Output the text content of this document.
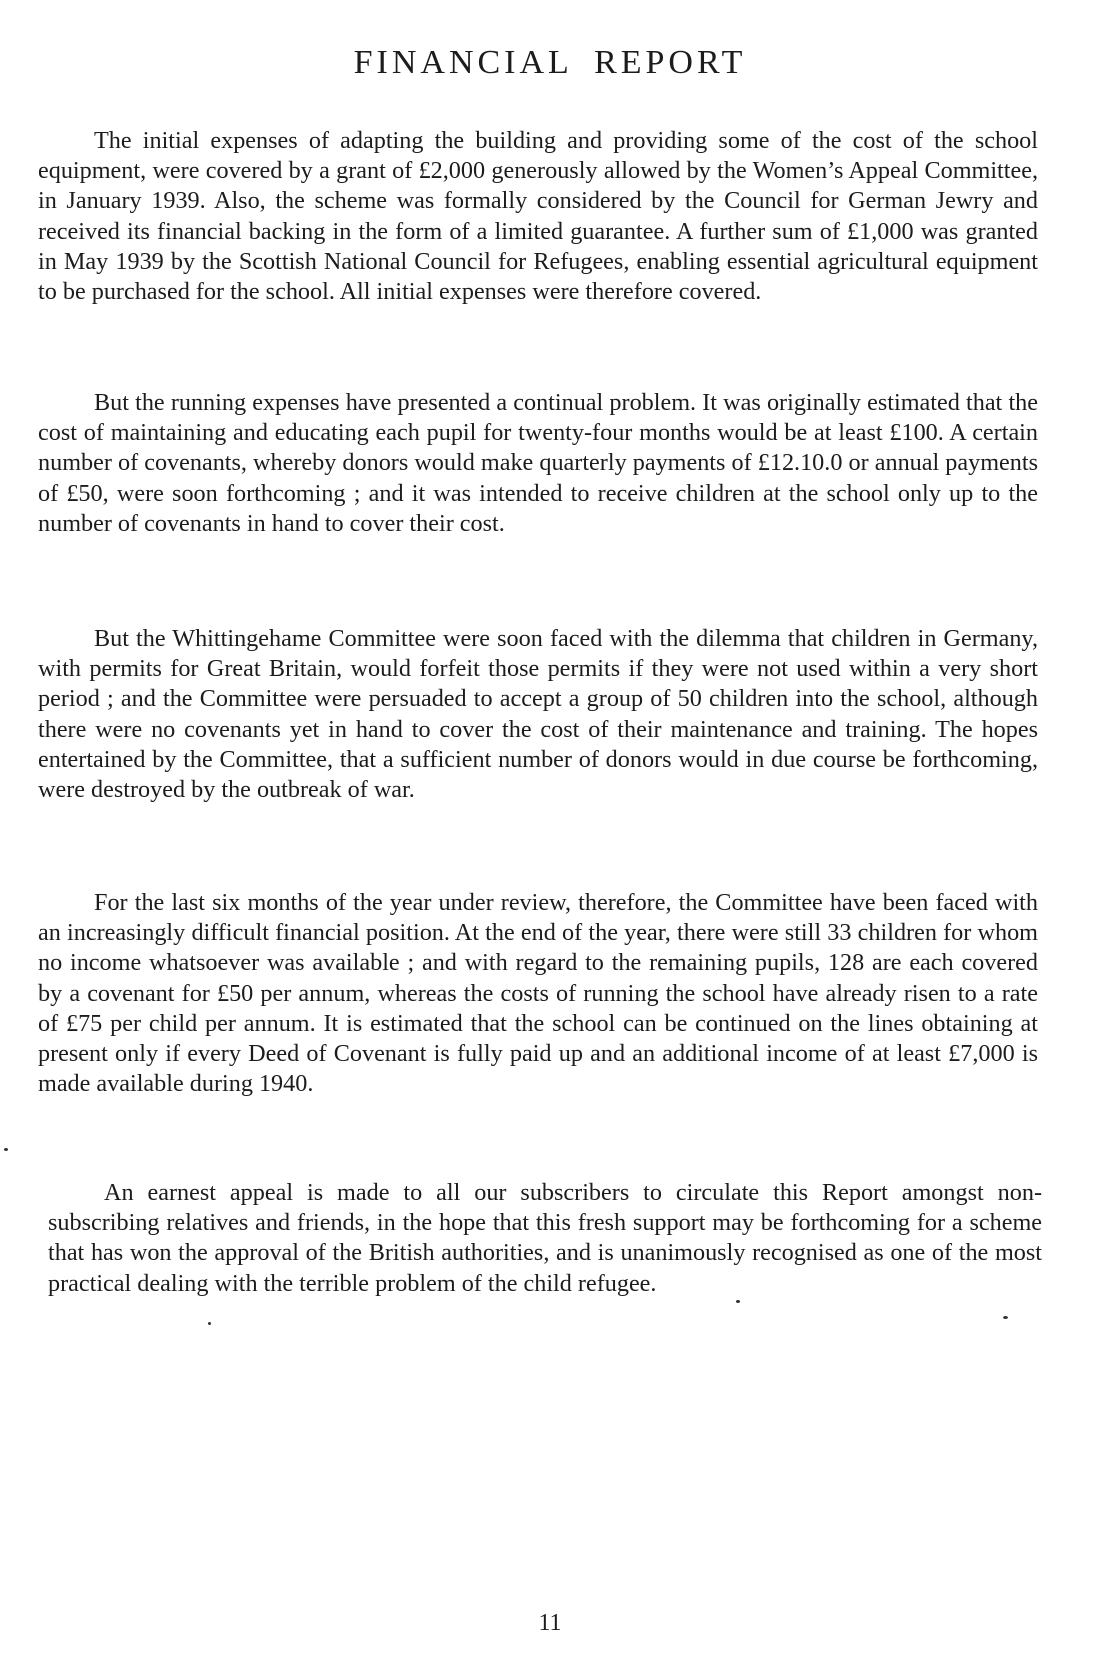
FINANCIAL REPORT

The initial expenses of adapting the building and providing some of the cost of the school equipment, were covered by a grant of £2,000 generously allowed by the Women’s Appeal Committee, in January 1939. Also, the scheme was formally considered by the Council for German Jewry and received its financial backing in the form of a limited guarantee. A further sum of £1,000 was granted in May 1939 by the Scottish National Council for Refugees, enabling essential agricultural equipment to be purchased for the school. All initial expenses were therefore covered.

But the running expenses have presented a continual problem. It was originally estimated that the cost of maintaining and educating each pupil for twenty-four months would be at least £100. A certain number of covenants, whereby donors would make quarterly payments of £12.10.0 or annual payments of £50, were soon forthcoming ; and it was intended to receive children at the school only up to the number of covenants in hand to cover their cost.

But the Whittingehame Committee were soon faced with the dilemma that children in Germany, with permits for Great Britain, would forfeit those permits if they were not used within a very short period ; and the Committee were persuaded to accept a group of 50 children into the school, although there were no covenants yet in hand to cover the cost of their maintenance and training. The hopes entertained by the Committee, that a sufficient number of donors would in due course be forthcoming, were destroyed by the outbreak of war.

For the last six months of the year under review, therefore, the Committee have been faced with an increasingly difficult financial position. At the end of the year, there were still 33 children for whom no income whatsoever was available ; and with regard to the remaining pupils, 128 are each covered by a covenant for £50 per annum, whereas the costs of running the school have already risen to a rate of £75 per child per annum. It is estimated that the school can be continued on the lines obtaining at present only if every Deed of Covenant is fully paid up and an additional income of at least £7,000 is made available during 1940.

An earnest appeal is made to all our subscribers to circulate this Report amongst non-subscribing relatives and friends, in the hope that this fresh support may be forthcoming for a scheme that has won the approval of the British authorities, and is unanimously recognised as one of the most practical dealing with the terrible problem of the child refugee.

11
